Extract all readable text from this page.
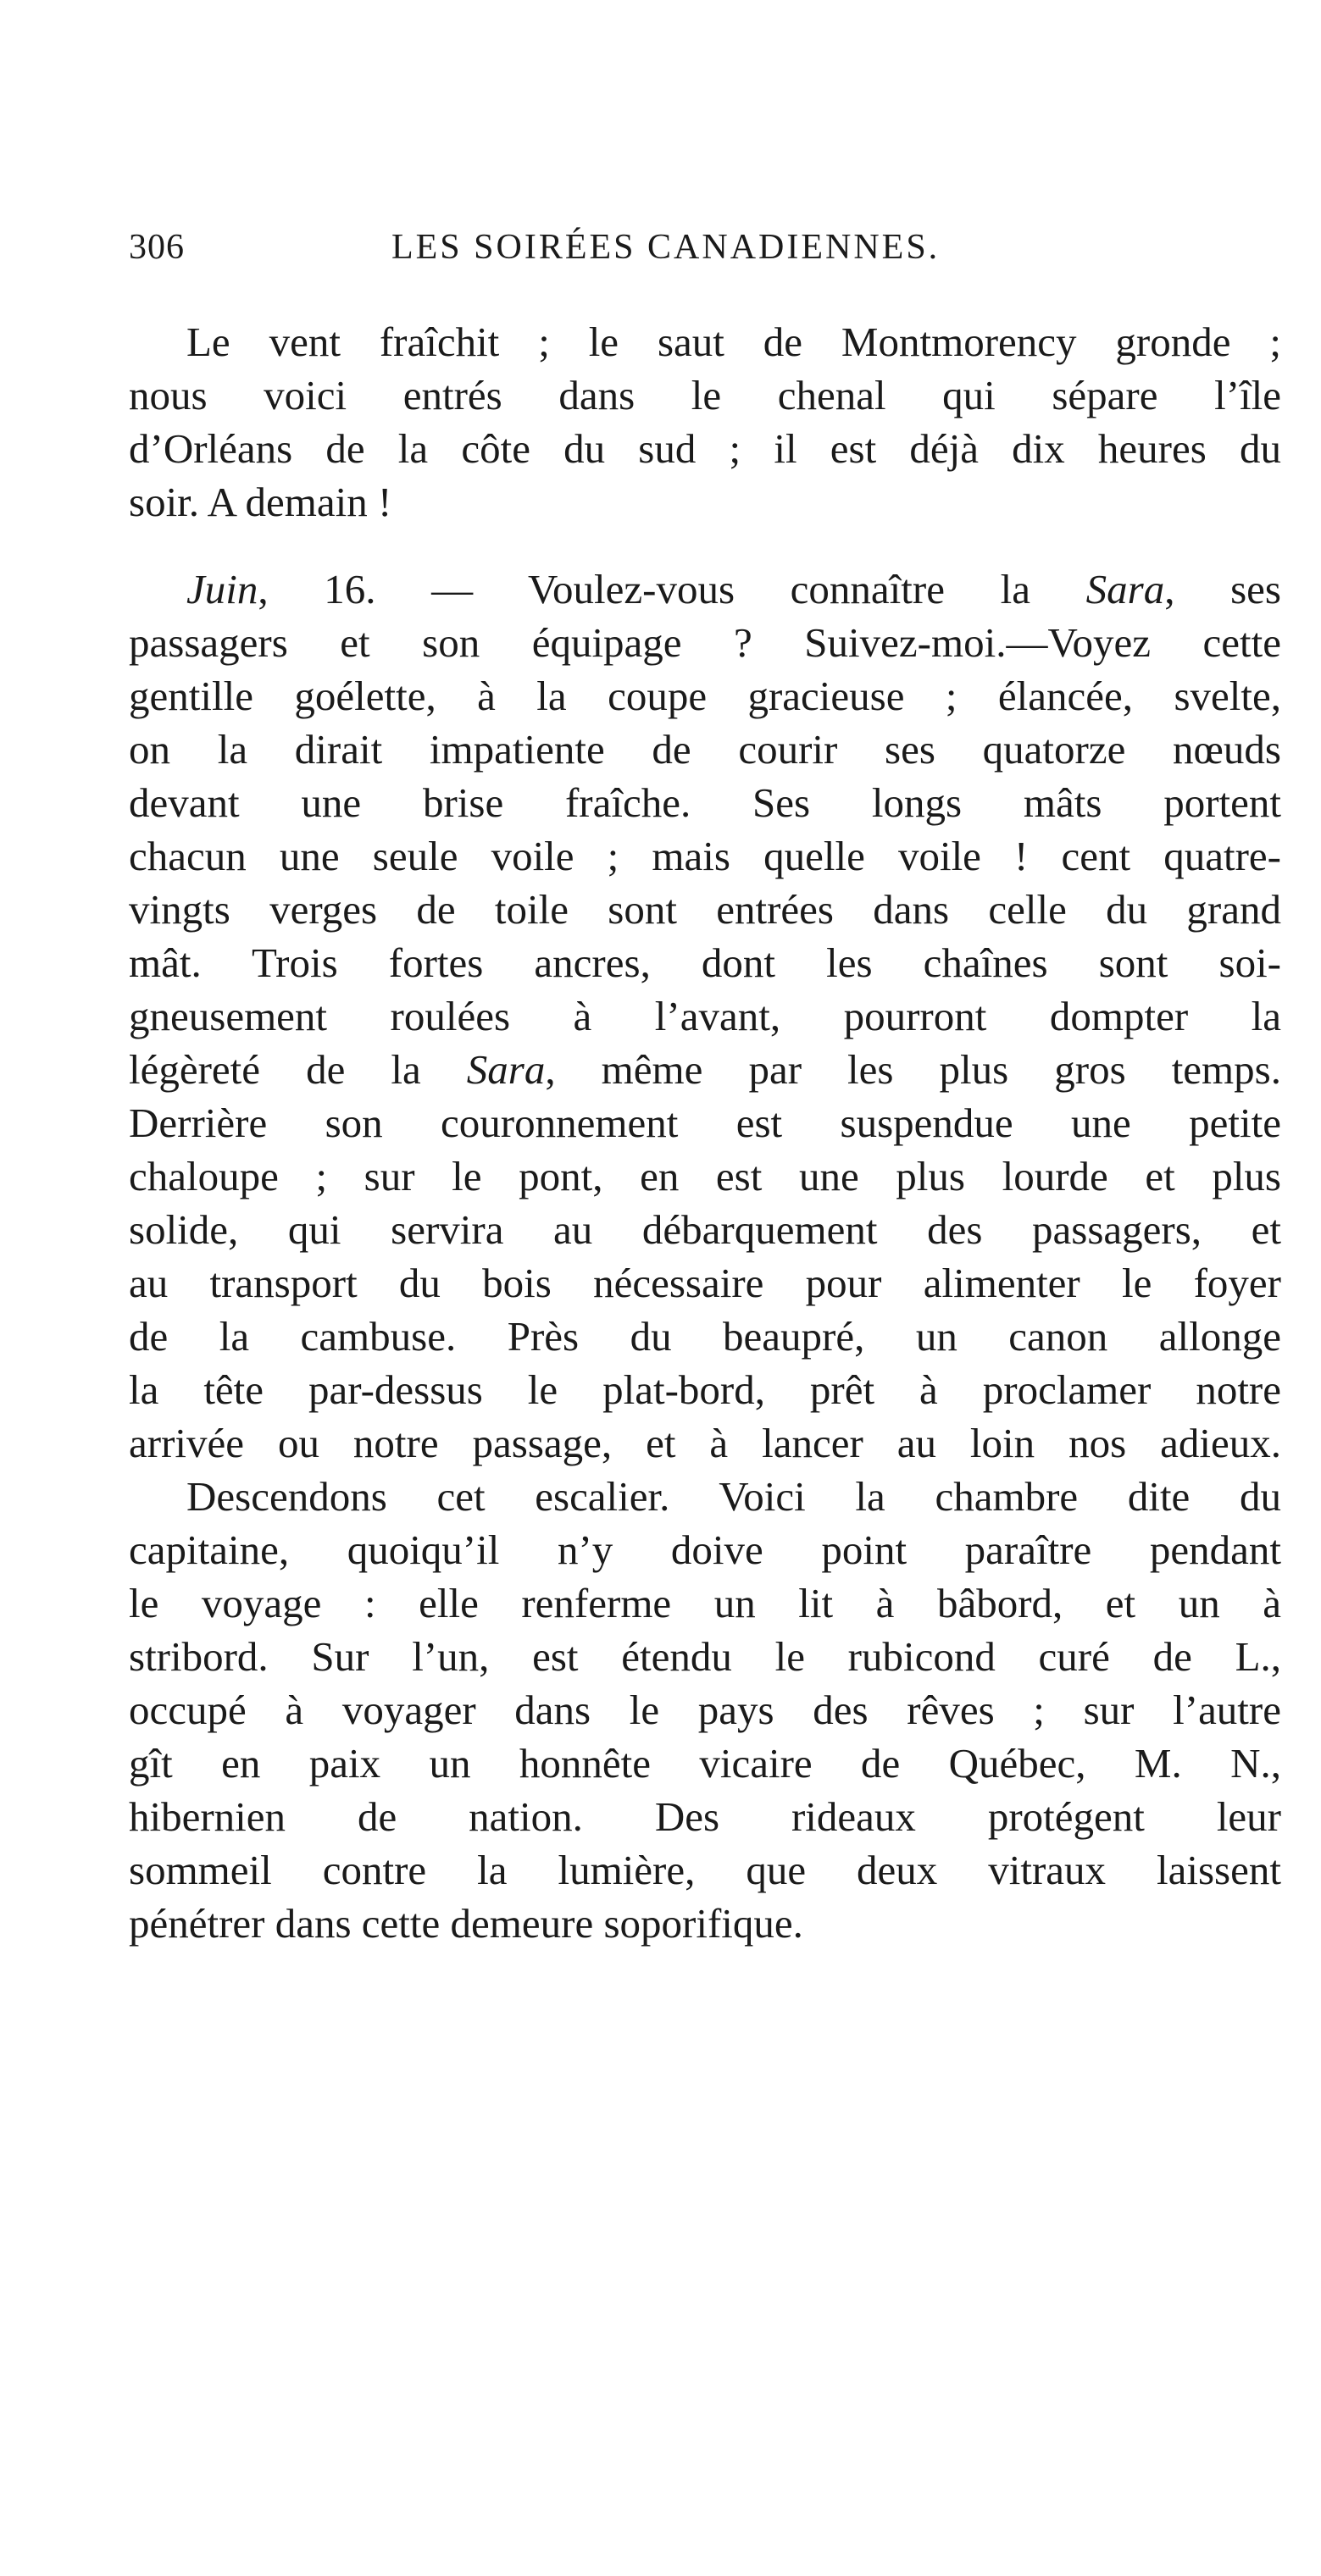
306	LES SOIRÉES CANADIENNES.
Le vent fraîchit ; le saut de Montmorency gronde ;
nous voici entrés dans le chenal qui sépare l’île
d’Orléans de la côte du sud ; il est déjà dix heures du
soir. A demain !
Juin, 16. — Voulez-vous connaître la Sara, ses
passagers et son équipage ? Suivez-moi.—Voyez cette
gentille goélette, à la coupe gracieuse ; élancée, svelte,
on la dirait impatiente de courir ses quatorze nœuds
devant une brise fraîche. Ses longs mâts portent
chacun une seule voile ; mais quelle voile ! cent quatre-
vingts verges de toile sont entrées dans celle du grand
mât. Trois fortes ancres, dont les chaînes sont soi-
gneusement roulées à l’avant, pourront dompter la
légèreté de la Sara, même par les plus gros temps.
Derrière son couronnement est suspendue une petite
chaloupe ; sur le pont, en est une plus lourde et plus
solide, qui servira au débarquement des passagers, et
au transport du bois nécessaire pour alimenter le foyer
de la cambuse. Près du beaupré, un canon allonge
la tête par-dessus le plat-bord, prêt à proclamer notre
arrivée ou notre passage, et à lancer au loin nos adieux.
Descendons cet escalier. Voici la chambre dite du
capitaine, quoiqu’il n’y doive point paraître pendant
le voyage : elle renferme un lit à bâbord, et un à
stribord. Sur l’un, est étendu le rubicond curé de L.,
occupé à voyager dans le pays des rêves ; sur l’autre
gît en paix un honnête vicaire de Québec, M. N.,
hibernien de nation. Des rideaux protégent leur
sommeil contre la lumière, que deux vitraux laissent
pénétrer dans cette demeure soporifique.
